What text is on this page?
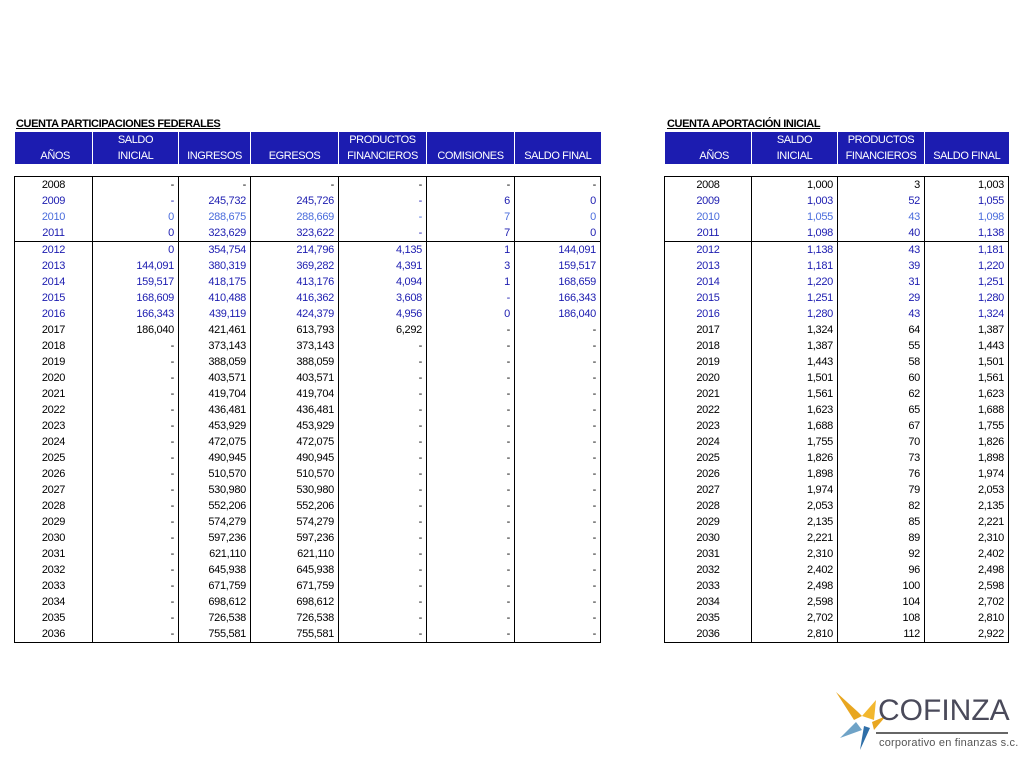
CUENTA PARTICIPACIONES FEDERALES
	SALDO			PRODUCTOS		
AÑOS	INICIAL	INGRESOS	EGRESOS	FINANCIEROS	COMISIONES	SALDO FINAL

2008	-	-	-	-	-	-
2009	-	245,732	245,726	-	6	0
2010	0	288,675	288,669	-	7	0
2011	0	323,629	323,622	-	7	0
2012	0	354,754	214,796	4,135	1	144,091
2013	144,091	380,319	369,282	4,391	3	159,517
2014	159,517	418,175	413,176	4,094	1	168,659
2015	168,609	410,488	416,362	3,608	-	166,343
2016	166,343	439,119	424,379	4,956	0	186,040
2017	186,040	421,461	613,793	6,292	-	-
2018	-	373,143	373,143	-	-	-
2019	-	388,059	388,059	-	-	-
2020	-	403,571	403,571	-	-	-
2021	-	419,704	419,704	-	-	-
2022	-	436,481	436,481	-	-	-
2023	-	453,929	453,929	-	-	-
2024	-	472,075	472,075	-	-	-
2025	-	490,945	490,945	-	-	-
2026	-	510,570	510,570	-	-	-
2027	-	530,980	530,980	-	-	-
2028	-	552,206	552,206	-	-	-
2029	-	574,279	574,279	-	-	-
2030	-	597,236	597,236	-	-	-
2031	-	621,110	621,110	-	-	-
2032	-	645,938	645,938	-	-	-
2033	-	671,759	671,759	-	-	-
2034	-	698,612	698,612	-	-	-
2035	-	726,538	726,538	-	-	-
2036	-	755,581	755,581	-	-	-
CUENTA APORTACIÓN INICIAL
	SALDO	PRODUCTOS	
AÑOS	INICIAL	FINANCIEROS	SALDO FINAL

2008	1,000	3	1,003
2009	1,003	52	1,055
2010	1,055	43	1,098
2011	1,098	40	1,138
2012	1,138	43	1,181
2013	1,181	39	1,220
2014	1,220	31	1,251
2015	1,251	29	1,280
2016	1,280	43	1,324
2017	1,324	64	1,387
2018	1,387	55	1,443
2019	1,443	58	1,501
2020	1,501	60	1,561
2021	1,561	62	1,623
2022	1,623	65	1,688
2023	1,688	67	1,755
2024	1,755	70	1,826
2025	1,826	73	1,898
2026	1,898	76	1,974
2027	1,974	79	2,053
2028	2,053	82	2,135
2029	2,135	85	2,221
2030	2,221	89	2,310
2031	2,310	92	2,402
2032	2,402	96	2,498
2033	2,498	100	2,598
2034	2,598	104	2,702
2035	2,702	108	2,810
2036	2,810	112	2,922
COFINZA
corporativo en finanzas s.c.
